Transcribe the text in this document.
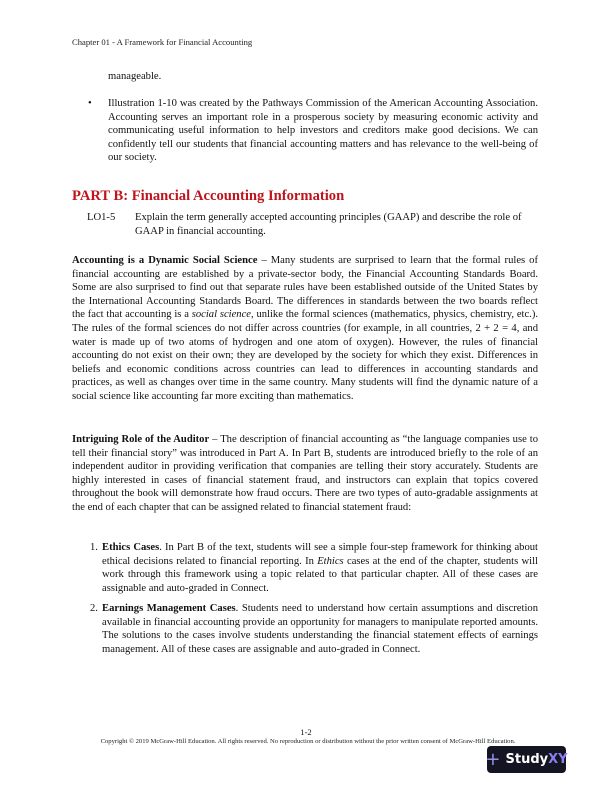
Chapter 01 - A Framework for Financial Accounting
manageable.
• Illustration 1-10 was created by the Pathways Commission of the American Accounting Association. Accounting serves an important role in a prosperous society by measuring economic activity and communicating useful information to help investors and creditors make good decisions. We can confidently tell our students that financial accounting matters and has relevance to the well-being of our society.
PART B: Financial Accounting Information
LO1-5 Explain the term generally accepted accounting principles (GAAP) and describe the role of GAAP in financial accounting.
Accounting is a Dynamic Social Science – Many students are surprised to learn that the formal rules of financial accounting are established by a private-sector body, the Financial Accounting Standards Board. Some are also surprised to find out that separate rules have been established outside of the United States by the International Accounting Standards Board. The differences in standards between the two boards reflect the fact that accounting is a social science, unlike the formal sciences (mathematics, physics, chemistry, etc.). The rules of the formal sciences do not differ across countries (for example, in all countries, 2 + 2 = 4, and water is made up of two atoms of hydrogen and one atom of oxygen). However, the rules of financial accounting do not exist on their own; they are developed by the society for which they exist. Differences in beliefs and economic conditions across countries can lead to differences in accounting standards and practices, as well as changes over time in the same country. Many students will find the dynamic nature of a social science like accounting far more exciting than mathematics.
Intriguing Role of the Auditor – The description of financial accounting as “the language companies use to tell their financial story” was introduced in Part A. In Part B, students are introduced briefly to the role of an independent auditor in providing verification that companies are telling their story accurately. Students are highly interested in cases of financial statement fraud, and instructors can explain that topics covered throughout the book will demonstrate how fraud occurs. There are two types of auto-gradable assignments at the end of each chapter that can be assigned related to financial statement fraud:
1. Ethics Cases. In Part B of the text, students will see a simple four-step framework for thinking about ethical decisions related to financial reporting. In Ethics cases at the end of the chapter, students will work through this framework using a topic related to that particular chapter. All of these cases are assignable and auto-graded in Connect.
2. Earnings Management Cases. Students need to understand how certain assumptions and discretion available in financial accounting provide an opportunity for managers to manipulate reported amounts. The solutions to the cases involve students understanding the financial statement effects of earnings management. All of these cases are assignable and auto-graded in Connect.
1-2
Copyright © 2019 McGraw-Hill Education. All rights reserved. No reproduction or distribution without the prior written consent of McGraw-Hill Education.
+ Study XY
